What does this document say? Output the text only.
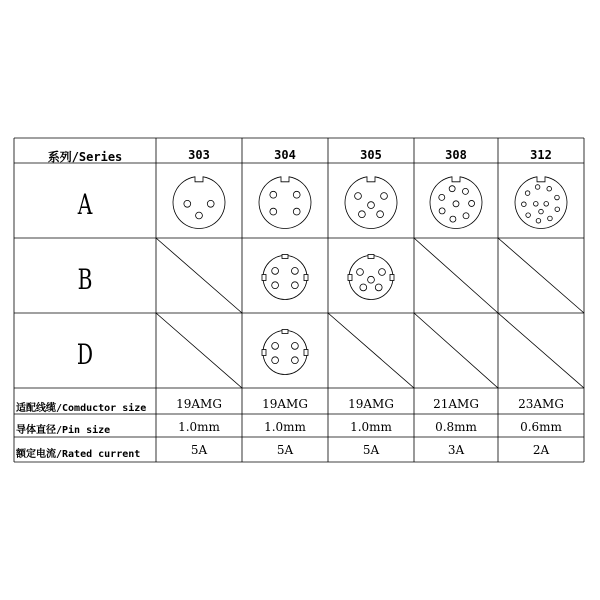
系列/Series	303	304	305	308	312
A
B
D
适配线缆/Comductor size	19AMG	19AMG	19AMG	21AMG	23AMG
导体直径/Pin size	1.0mm	1.0mm	1.0mm	0.8mm	0.6mm
额定电流/Rated current	5A	5A	5A	3A	2A
